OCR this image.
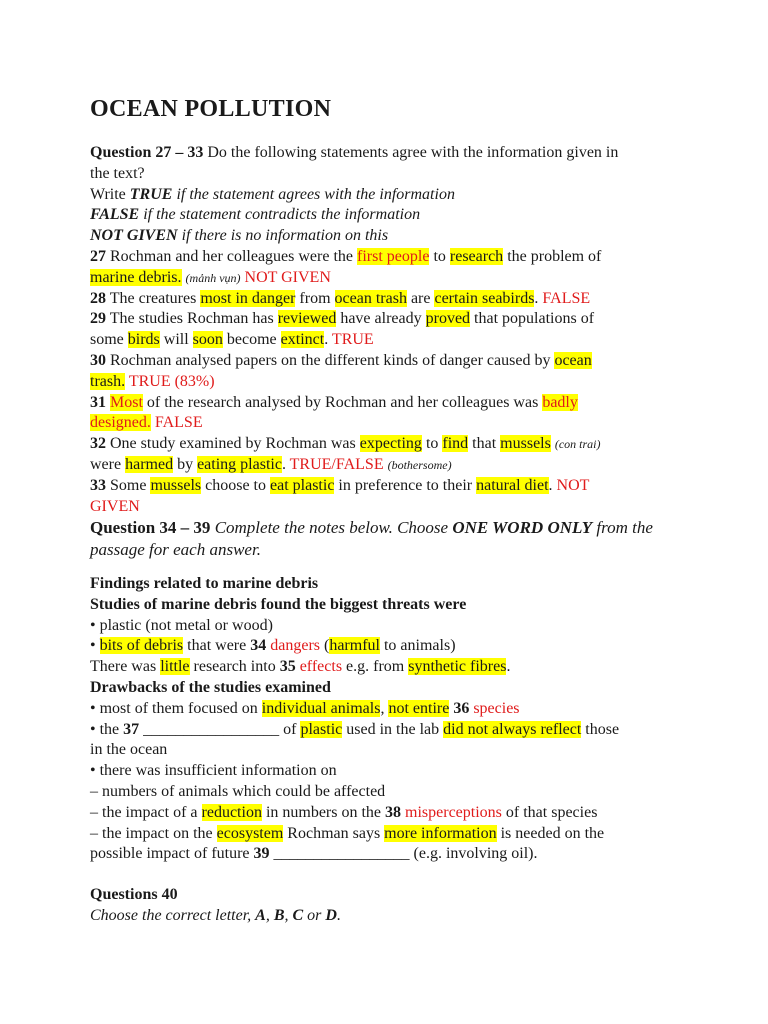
OCEAN POLLUTION
Question 27 – 33 Do the following statements agree with the information given in
the text?
Write TRUE if the statement agrees with the information
FALSE if the statement contradicts the information
NOT GIVEN if there is no information on this
27 Rochman and her colleagues were the first people to research the problem of
marine debris. (mảnh vụn) NOT GIVEN
28 The creatures most in danger from ocean trash are certain seabirds. FALSE
29 The studies Rochman has reviewed have already proved that populations of
some birds will soon become extinct. TRUE
30 Rochman analysed papers on the different kinds of danger caused by ocean
trash. TRUE (83%)
31 Most of the research analysed by Rochman and her colleagues was badly
designed. FALSE
32 One study examined by Rochman was expecting to find that mussels (con trai)
were harmed by eating plastic. TRUE/FALSE (bothersome)
33 Some mussels choose to eat plastic in preference to their natural diet. NOT
GIVEN
Question 34 – 39 Complete the notes below. Choose ONE WORD ONLY from the
passage for each answer.
Findings related to marine debris
Studies of marine debris found the biggest threats were
• plastic (not metal or wood)
• bits of debris that were 34 dangers (harmful to animals)
There was little research into 35 effects e.g. from synthetic fibres.
Drawbacks of the studies examined
• most of them focused on individual animals, not entire 36 species
• the 37 _________________ of plastic used in the lab did not always reflect those
in the ocean
• there was insufficient information on
– numbers of animals which could be affected
– the impact of a reduction in numbers on the 38 misperceptions of that species
– the impact on the ecosystem Rochman says more information is needed on the
possible impact of future 39 _________________ (e.g. involving oil).
Questions 40
Choose the correct letter, A, B, C or D.
